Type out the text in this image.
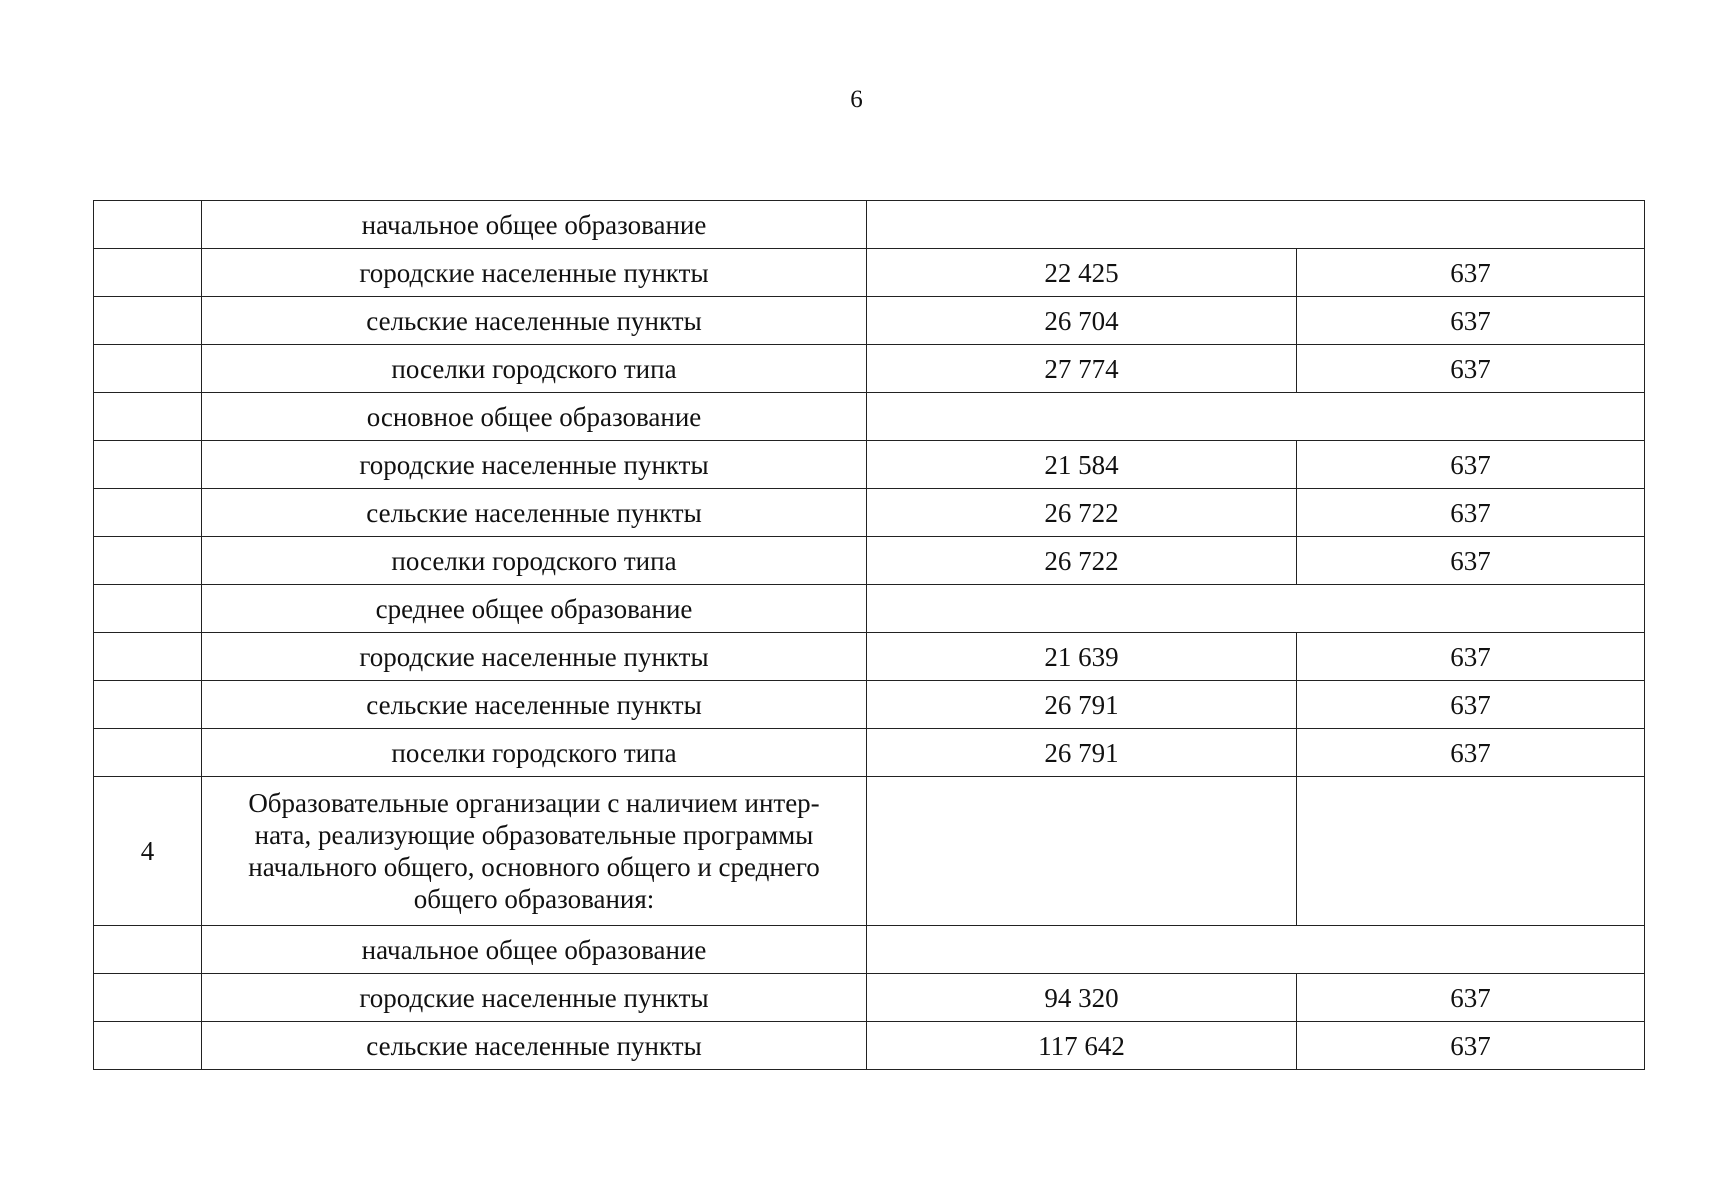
6
	начальное общее образование		
	городские населенные пункты	22 425	637
	сельские населенные пункты	26 704	637
	поселки городского типа	27 774	637
	основное общее образование		
	городские населенные пункты	21 584	637
	сельские населенные пункты	26 722	637
	поселки городского типа	26 722	637
	среднее общее образование		
	городские населенные пункты	21 639	637
	сельские населенные пункты	26 791	637
	поселки городского типа	26 791	637
4	Образовательные организации с наличием интер-
ната, реализующие образовательные программы
начального общего, основного общего и среднего
общего образования:		

	начальное общее образование		
	городские населенные пункты	94 320	637
	сельские населенные пункты	117 642	637
